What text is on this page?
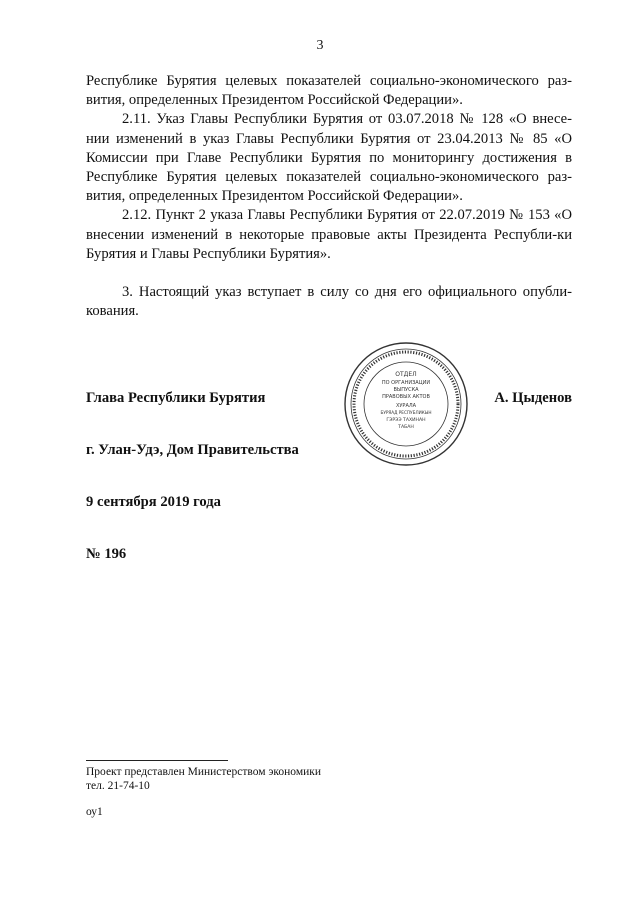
3

Республике Бурятия целевых показателей социально-экономического раз-вития, определенных Президентом Российской Федерации».

2.11. Указ Главы Республики Бурятия от 03.07.2018 № 128 «О внесе-нии изменений в указ Главы Республики Бурятия от 23.04.2013 № 85 «О Комиссии при Главе Республики Бурятия по мониторингу достижения в Республике Бурятия целевых показателей социально-экономического раз-вития, определенных Президентом Российской Федерации».

2.12. Пункт 2 указа Главы Республики Бурятия от 22.07.2019 № 153 «О внесении изменений в некоторые правовые акты Президента Республи-ки Бурятия и Главы Республики Бурятия».

3. Настоящий указ вступает в силу со дня его официального опубли-кования.

Глава Республики Бурятия
ОТДЕЛ
ПО ОРГАНИЗАЦИИ
ВЫПУСКА
ПРАВОВЫХ АКТОВ
ХУРАЛА
БУРЯАД РЕСПУБЛИКЫН
ГЭРЭЭ ТАХИНАН
ТАБАН
А. Цыденов
г. Улан-Удэ, Дом Правительства
9 сентября 2019 года
№ 196
Проект представлен Министерством экономики
тел. 21-74-10
оу1
